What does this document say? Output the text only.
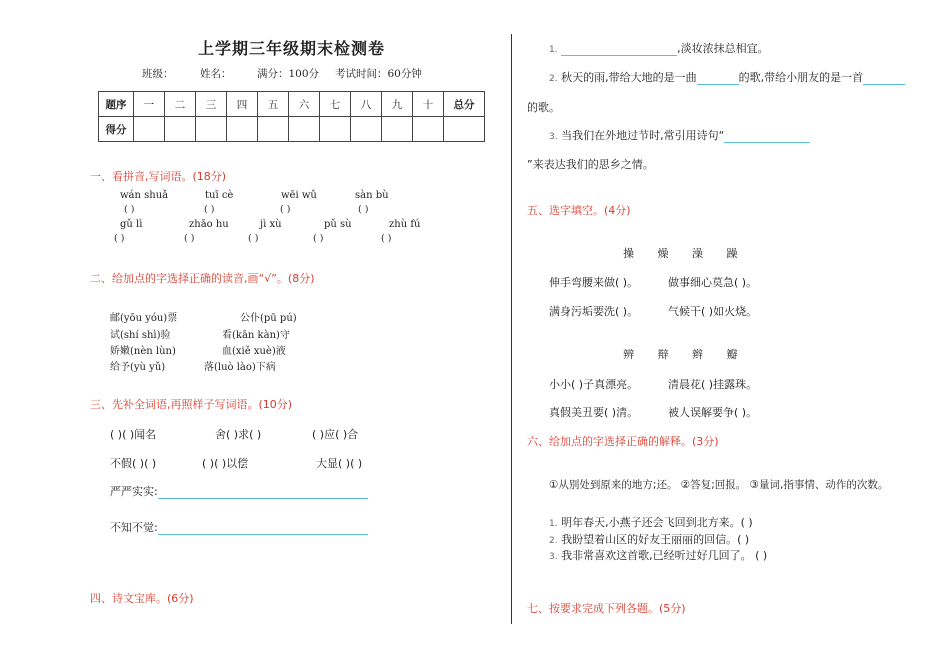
上学期三年级期末检测卷
班级：	姓名： 满分：100分 考试时间：60分钟
题序	一	二	三	四	五	六	七	八	九	十	总分
得分											
一、看拼音,写词语。(18分)
wán shuǎ	tuī cè	wēi wǔ	sàn bù
( )	( )	( )	( )
gǔ lì	zhāo hu	jì xù	pǔ sù	zhù fú
( )	( )	( )	( )	( )
二、给加点的字选择正确的读音,画“√”。(8分)
邮(yōu yóu)票	公仆(pū pú)
试(shí shì)验	看(kān kàn)守
娇嫩(nèn lùn)	血(xiě xuè)液
给予(yù yǔ)	落(luò lào)下病
三、先补全词语,再照样子写词语。(10分)
( )( )闻名	舍( )求( )	( )应( )合
不假( )( )	( )( )以偿	大显( )( )
严严实实:
不知不觉:
四、诗文宝库。(6分)
1.	,淡妆浓抹总相宜。
2. 秋天的雨,带给大地的是一曲	的歌,带给小朋友的是一首
的歌。
3. 当我们在外地过节时,常引用诗句“
”来表达我们的思乡之情。
五、选字填空。(4分)
操 燥 澡 躁
伸手弯腰来做( )。	做事细心莫急( )。
满身污垢要洗( )。	气候干( )如火烧。
辨 辩 辫 瓣
小小( )子真漂亮。	清晨花( )挂露珠。
真假美丑要( )清。	被人误解要争( )。
六、给加点的字选择正确的解释。(3分)
①从别处到原来的地方;还。 ②答复;回报。 ③量词,指事情、动作的次数。
1. 明年春天,小燕子还会飞回到北方来。( )
2. 我盼望着山区的好友王丽丽的回信。( )
3. 我非常喜欢这首歌,已经听过好几回了。 ( )
七、按要求完成下列各题。(5分)
